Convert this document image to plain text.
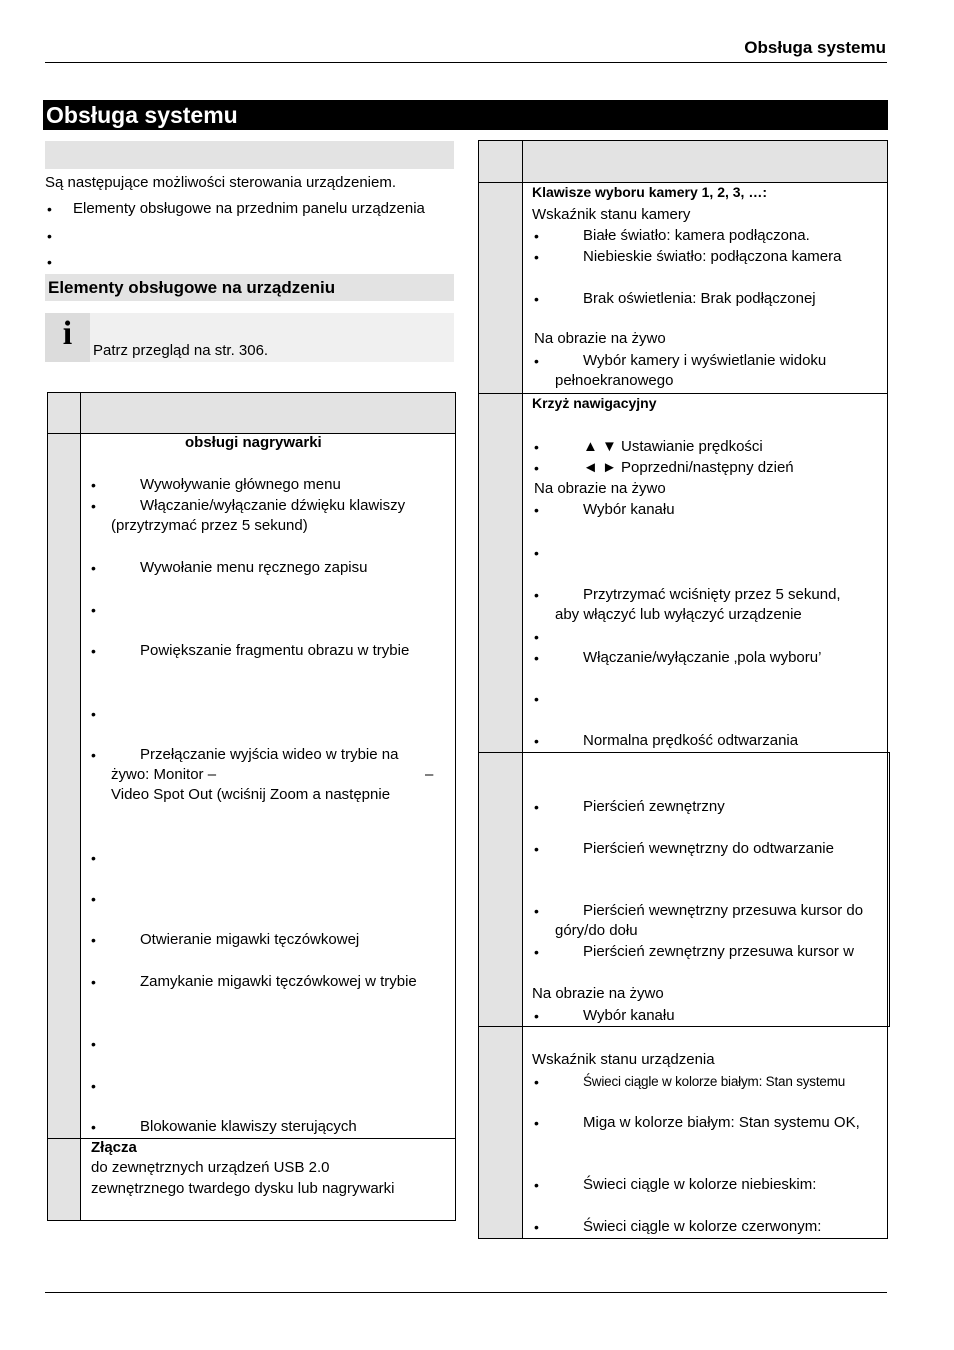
Obsługa systemu
Obsługa systemu
Są następujące możliwości sterowania urządzeniem.
• Elementy obsługowe na przednim panelu urządzenia
•
•
Elementy obsługowe na urządzeniu
i	Patrz przegląd na str. 306.
obsługi nagrywarki
•	Wywoływanie głównego menu
•	Włączanie/wyłączanie dźwięku klawiszy
(przytrzymać przez 5 sekund)
•	Wywołanie menu ręcznego zapisu
•
•	Powiększanie fragmentu obrazu w trybie
•
•	Przełączanie wyjścia wideo w trybie na
żywo: Monitor –	–
Video Spot Out (wciśnij Zoom a następnie
•
•
•	Otwieranie migawki tęczówkowej
•	Zamykanie migawki tęczówkowej w trybie
•
•
•	Blokowanie klawiszy sterujących
Złącza
do zewnętrznych urządzeń USB 2.0
zewnętrznego twardego dysku lub nagrywarki
Klawisze wyboru kamery 1, 2, 3, …:
Wskaźnik stanu kamery
•	Białe światło: kamera podłączona.
•	Niebieskie światło: podłączona kamera
•	Brak oświetlenia: Brak podłączonej
Na obrazie na żywo
•	Wybór kamery i wyświetlanie widoku
pełnoekranowego
Krzyż nawigacyjny
•	▲ ▼ Ustawianie prędkości
•	◄ ► Poprzedni/następny dzień
Na obrazie na żywo
•	Wybór kanału
•
•	Przytrzymać wciśnięty przez 5 sekund,
aby włączyć lub wyłączyć urządzenie
•
•	Włączanie/wyłączanie ‚pola wyboru’
•
•	Normalna prędkość odtwarzania
•	Pierścień zewnętrzny
•	Pierścień wewnętrzny do odtwarzanie
•	Pierścień wewnętrzny przesuwa kursor do
góry/do dołu
•	Pierścień zewnętrzny przesuwa kursor w
Na obrazie na żywo
•	Wybór kanału
Wskaźnik stanu urządzenia
•	Świeci ciągle w kolorze białym: Stan systemu
•	Miga w kolorze białym: Stan systemu OK,
•	Świeci ciągle w kolorze niebieskim:
•	Świeci ciągle w kolorze czerwonym:
